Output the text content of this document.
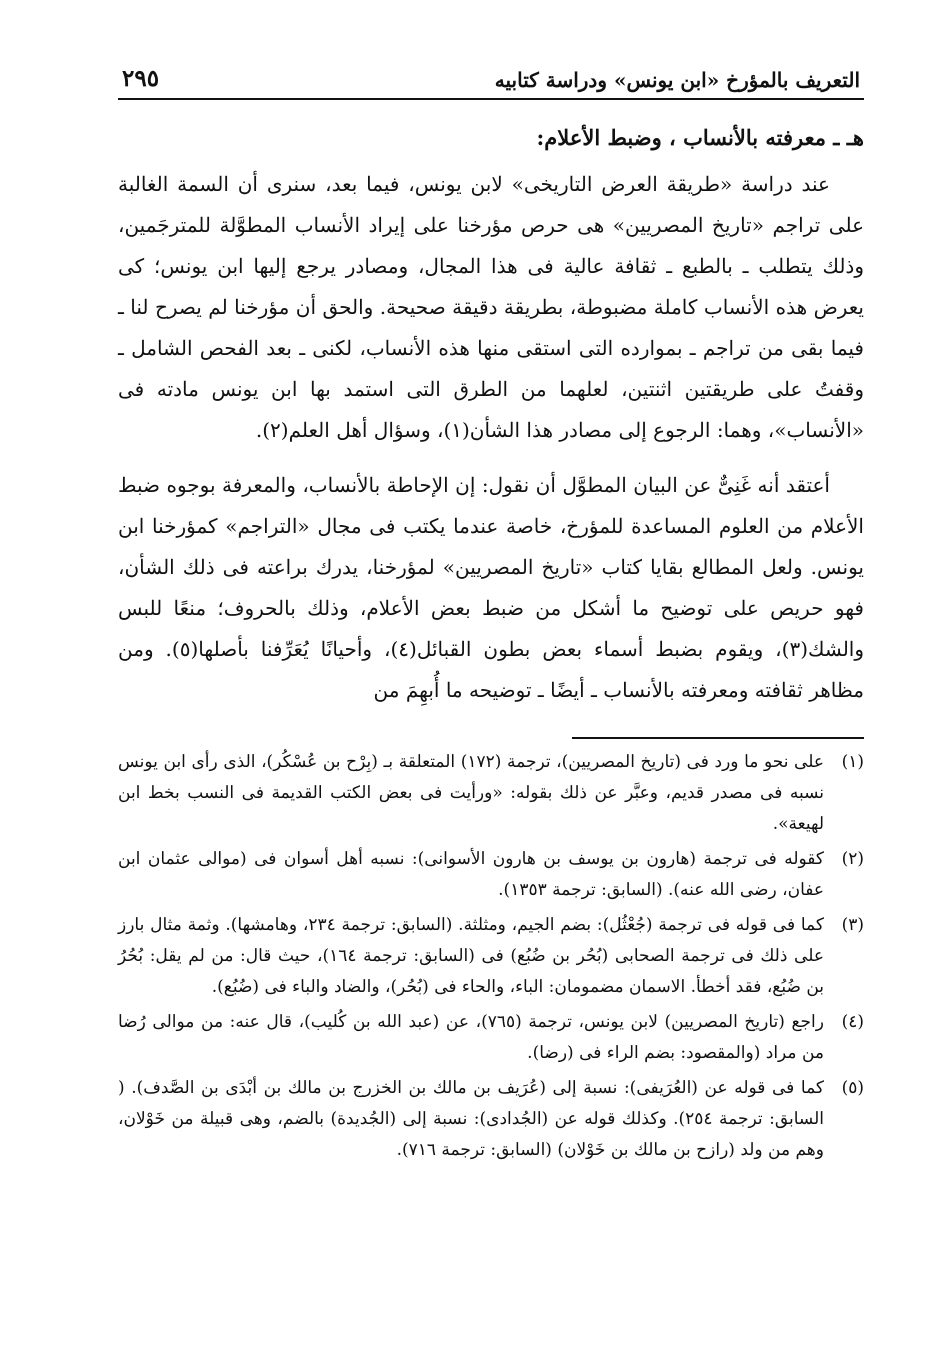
التعريف بالمؤرخ «ابن يونس» ودراسة كتابيه
٢٩٥
هـ ـ معرفته بالأنساب ، وضبط الأعلام:

عند دراسة «طريقة العرض التاريخى» لابن يونس، فيما بعد، سنرى أن السمة الغالبة على تراجم «تاريخ المصريين» هى حرص مؤرخنا على إيراد الأنساب المطوَّلة للمترجَمين، وذلك يتطلب ـ بالطبع ـ ثقافة عالية فى هذا المجال، ومصادر يرجع إليها ابن يونس؛ كى يعرض هذه الأنساب كاملة مضبوطة، بطريقة دقيقة صحيحة. والحق أن مؤرخنا لم يصرح لنا ـ فيما بقى من تراجم ـ بموارده التى استقى منها هذه الأنساب، لكنى ـ بعد الفحص الشامل ـ وقفتُ على طريقتين اثنتين، لعلهما من الطرق التى استمد بها ابن يونس مادته فى «الأنساب»، وهما: الرجوع إلى مصادر هذا الشأن(١)، وسؤال أهل العلم(٢).

أعتقد أنه غَنِىٌّ عن البيان المطوَّل أن نقول: إن الإحاطة بالأنساب، والمعرفة بوجوه ضبط الأعلام من العلوم المساعدة للمؤرخ، خاصة عندما يكتب فى مجال «التراجم» كمؤرخنا ابن يونس. ولعل المطالع بقايا كتاب «تاريخ المصريين» لمؤرخنا، يدرك براعته فى ذلك الشأن، فهو حريص على توضيح ما أشكل من ضبط بعض الأعلام، وذلك بالحروف؛ منعًا للبس والشك(٣)، ويقوم بضبط أسماء بعض بطون القبائل(٤)، وأحيانًا يُعَرِّفنا بأصلها(٥). ومن مظاهر ثقافته ومعرفته بالأنساب ـ أيضًا ـ توضيحه ما أُبهِمَ من

(١)
على نحو ما ورد فى (تاريخ المصريين)، ترجمة (١٧٢) المتعلقة بـ (بِرْح بن عُسْكُر)، الذى رأى ابن يونس نسبه فى مصدر قديم، وعبَّر عن ذلك بقوله: «ورأيت فى بعض الكتب القديمة فى النسب بخط ابن لهيعة».
(٢)
كقوله فى ترجمة (هارون بن يوسف بن هارون الأسوانى): نسبه أهل أسوان فى (موالى عثمان ابن عفان، رضى الله عنه). (السابق: ترجمة ١٣٥٣).
(٣)
كما فى قوله فى ترجمة (جُعْثُل): بضم الجيم، ومثلثة. (السابق: ترجمة ٢٣٤، وهامشها). وثمة مثال بارز على ذلك فى ترجمة الصحابى (بُحُر بن ضُبُع) فى (السابق: ترجمة ١٦٤)، حيث قال: من لم يقل: بُحُرُ بن ضُبُع، فقد أخطأ. الاسمان مضمومان: الباء، والحاء فى (بُحُر)، والضاد والباء فى (ضُبُع).
(٤)
راجع (تاريخ المصريين) لابن يونس، ترجمة (٧٦٥)، عن (عبد الله بن كُليب)، قال عنه: من موالى رُضا من مراد (والمقصود: بضم الراء فى (رضا).
(٥)
كما فى قوله عن (العُرَيفى): نسبة إلى (عُرَيف بن مالك بن الخزرج بن مالك بن أبْدَى بن الصَّدف). ( السابق: ترجمة ٢٥٤). وكذلك قوله عن (الجُدادى): نسبة إلى (الجُديدة) بالضم، وهى قبيلة من خَوْلان، وهم من ولد (رازح بن مالك بن خَوْلان) (السابق: ترجمة ٧١٦).
